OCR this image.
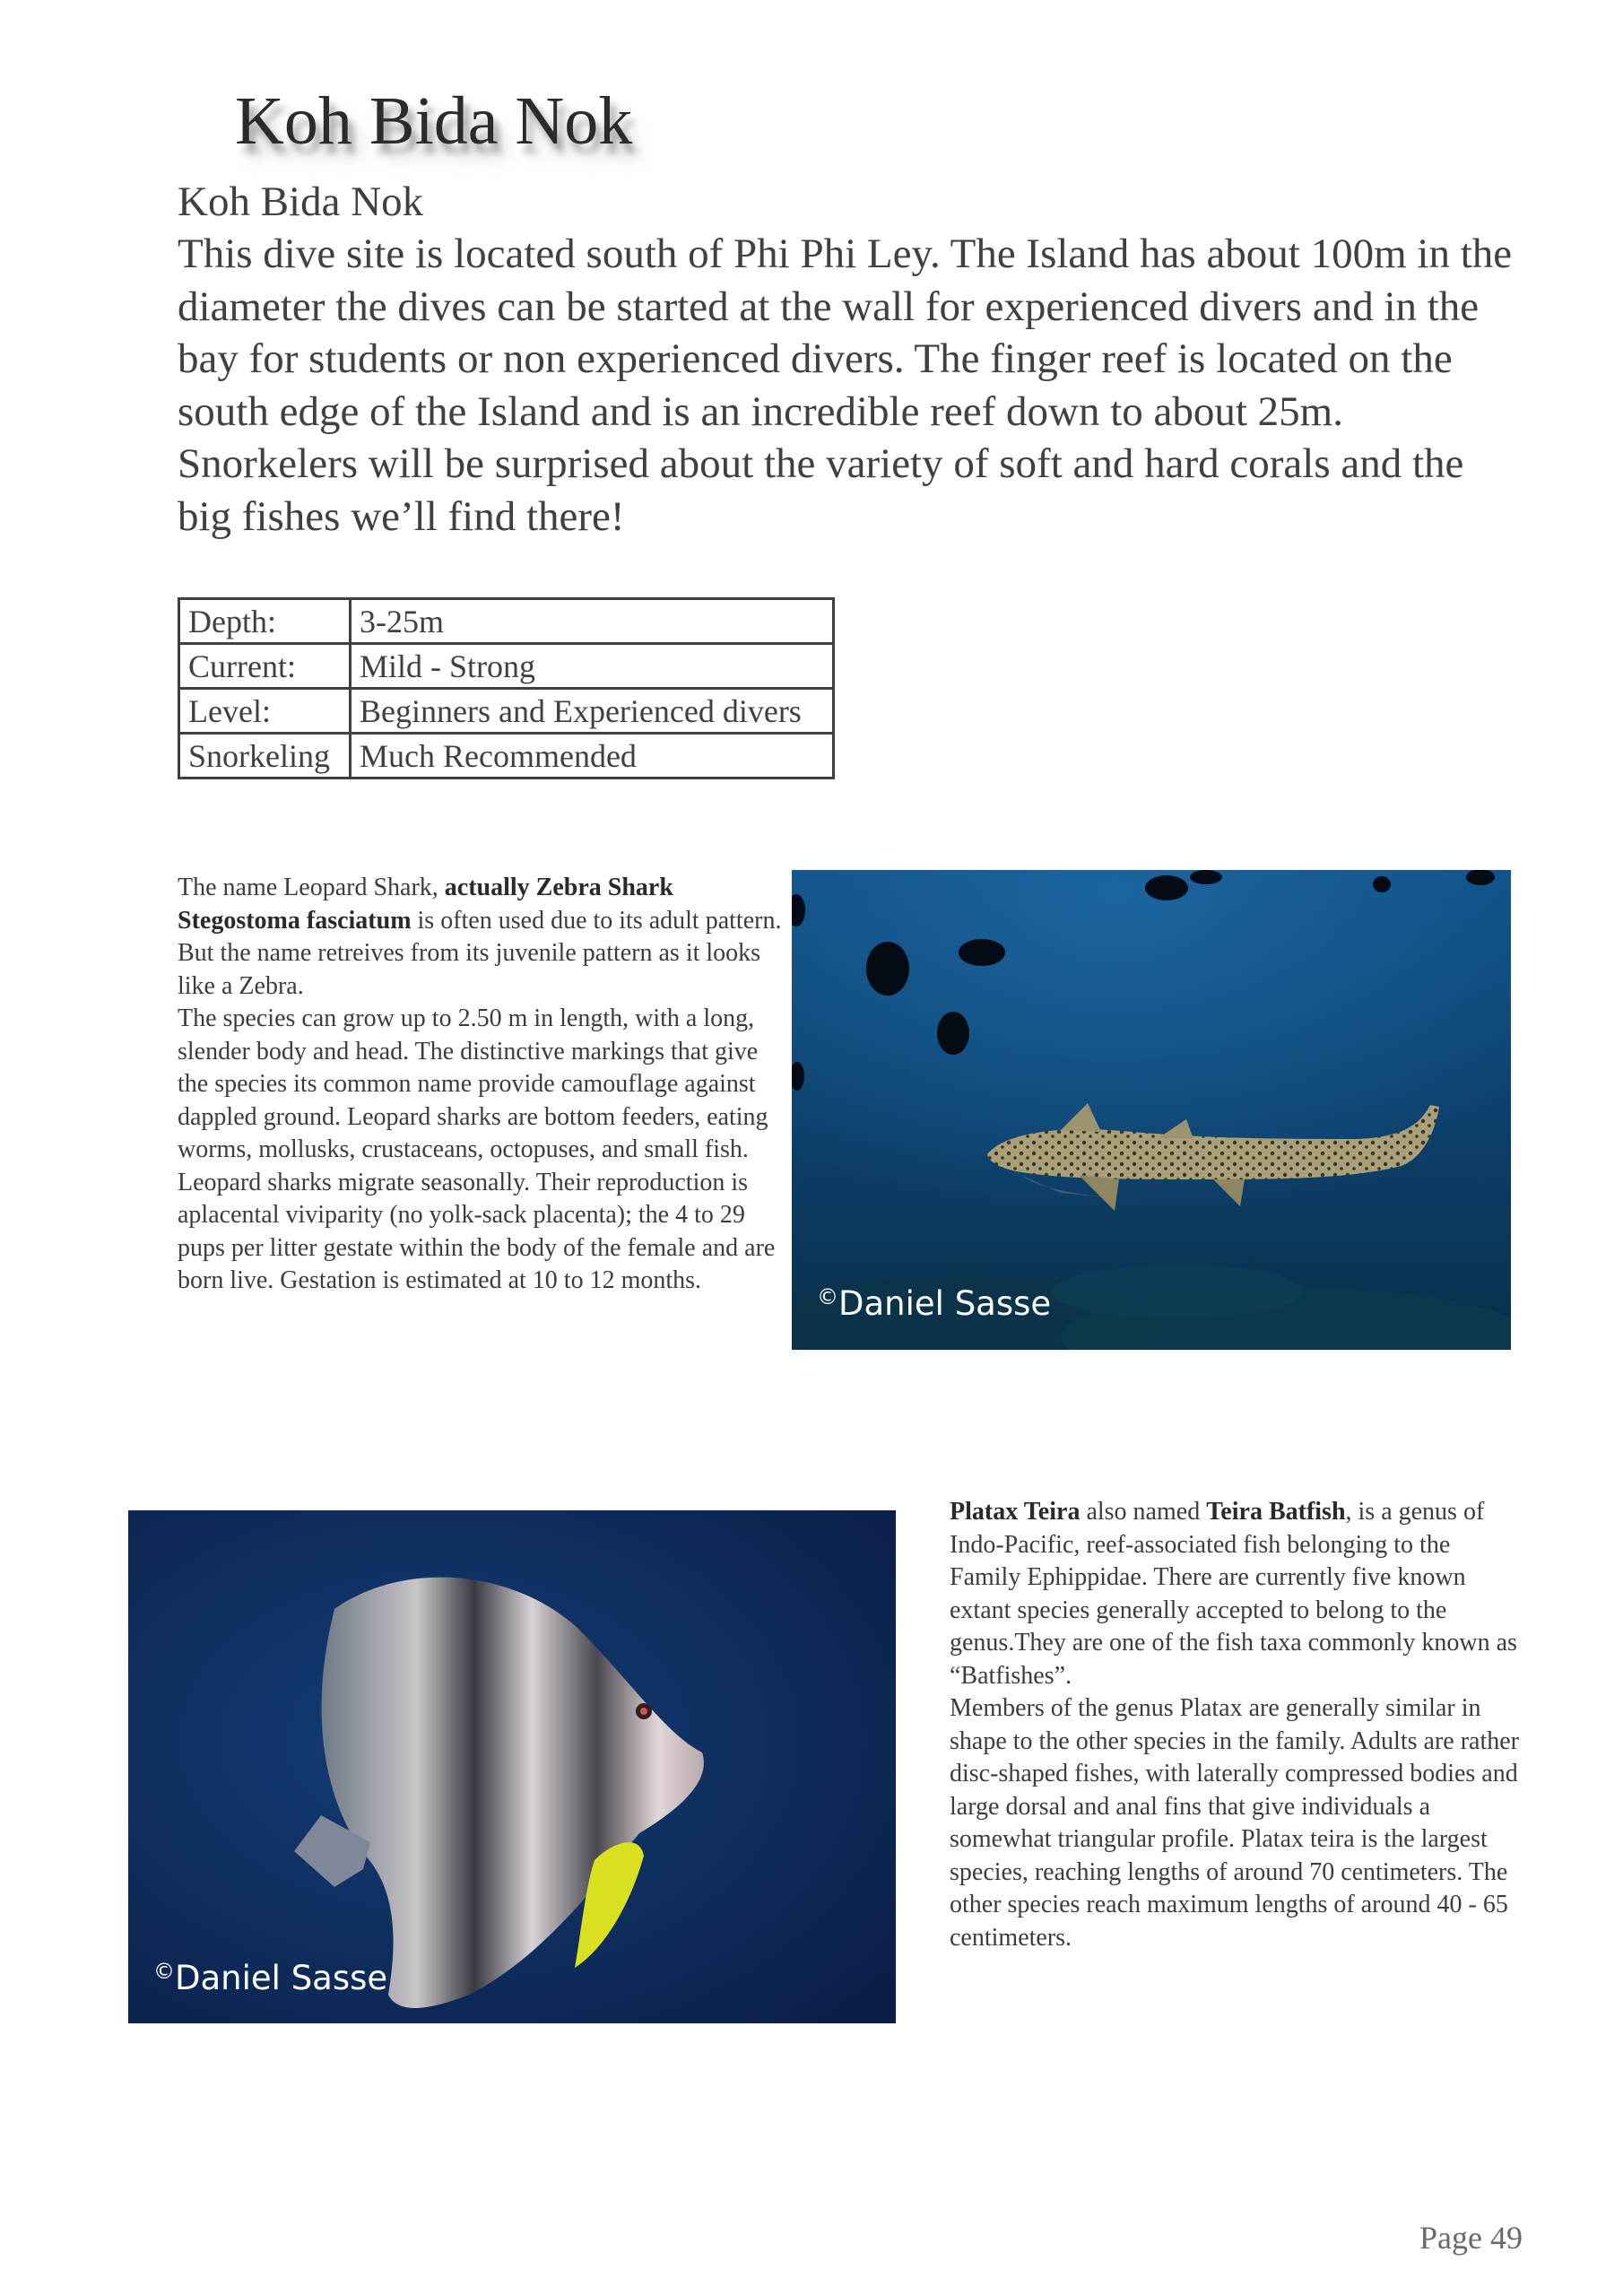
Koh Bida Nok
Koh Bida Nok

This dive site is located south of Phi Phi Ley. The Island has about 100m in the diameter the dives can be started at the wall for experienced divers and in the bay for students or non experienced divers. The finger reef is located on the south edge of the Island and is an incredible reef down to about 25m. Snorkelers will be surprised about the variety of soft and hard corals and the big fishes we’ll find there!

Depth:	3-25m
Current:	Mild - Strong
Level:	Beginners and Experienced divers
Snorkeling	Much Recommended

The name Leopard Shark, actually Zebra Shark Stegostoma fasciatum is often used due to its adult pattern. But the name retreives from its juvenile pattern as it looks like a Zebra.

The species can grow up to 2.50 m in length, with a long, slender body and head. The distinctive markings that give the species its common name provide camouflage against dappled ground. Leopard sharks are bottom feeders, eating worms, mollusks, crustaceans, octopuses, and small fish. Leopard sharks migrate seasonally. Their reproduction is aplacental viviparity (no yolk-sack placenta); the 4 to 29 pups per litter gestate within the body of the female and are born live. Gestation is estimated at 10 to 12 months.

©Daniel Sasse
©Daniel Sasse

Platax Teira also named Teira Batfish, is a genus of Indo-Pacific, reef-associated fish belonging to the Family Ephippidae. There are currently five known extant species generally accepted to belong to the genus.They are one of the fish taxa commonly known as “Batfishes”.

Members of the genus Platax are generally similar in shape to the other species in the family. Adults are rather disc-shaped fishes, with laterally compressed bodies and large dorsal and anal fins that give individuals a somewhat triangular profile. Platax teira is the largest species, reaching lengths of around 70 centimeters. The other species reach maximum lengths of around 40 - 65 centimeters.

Page 49
